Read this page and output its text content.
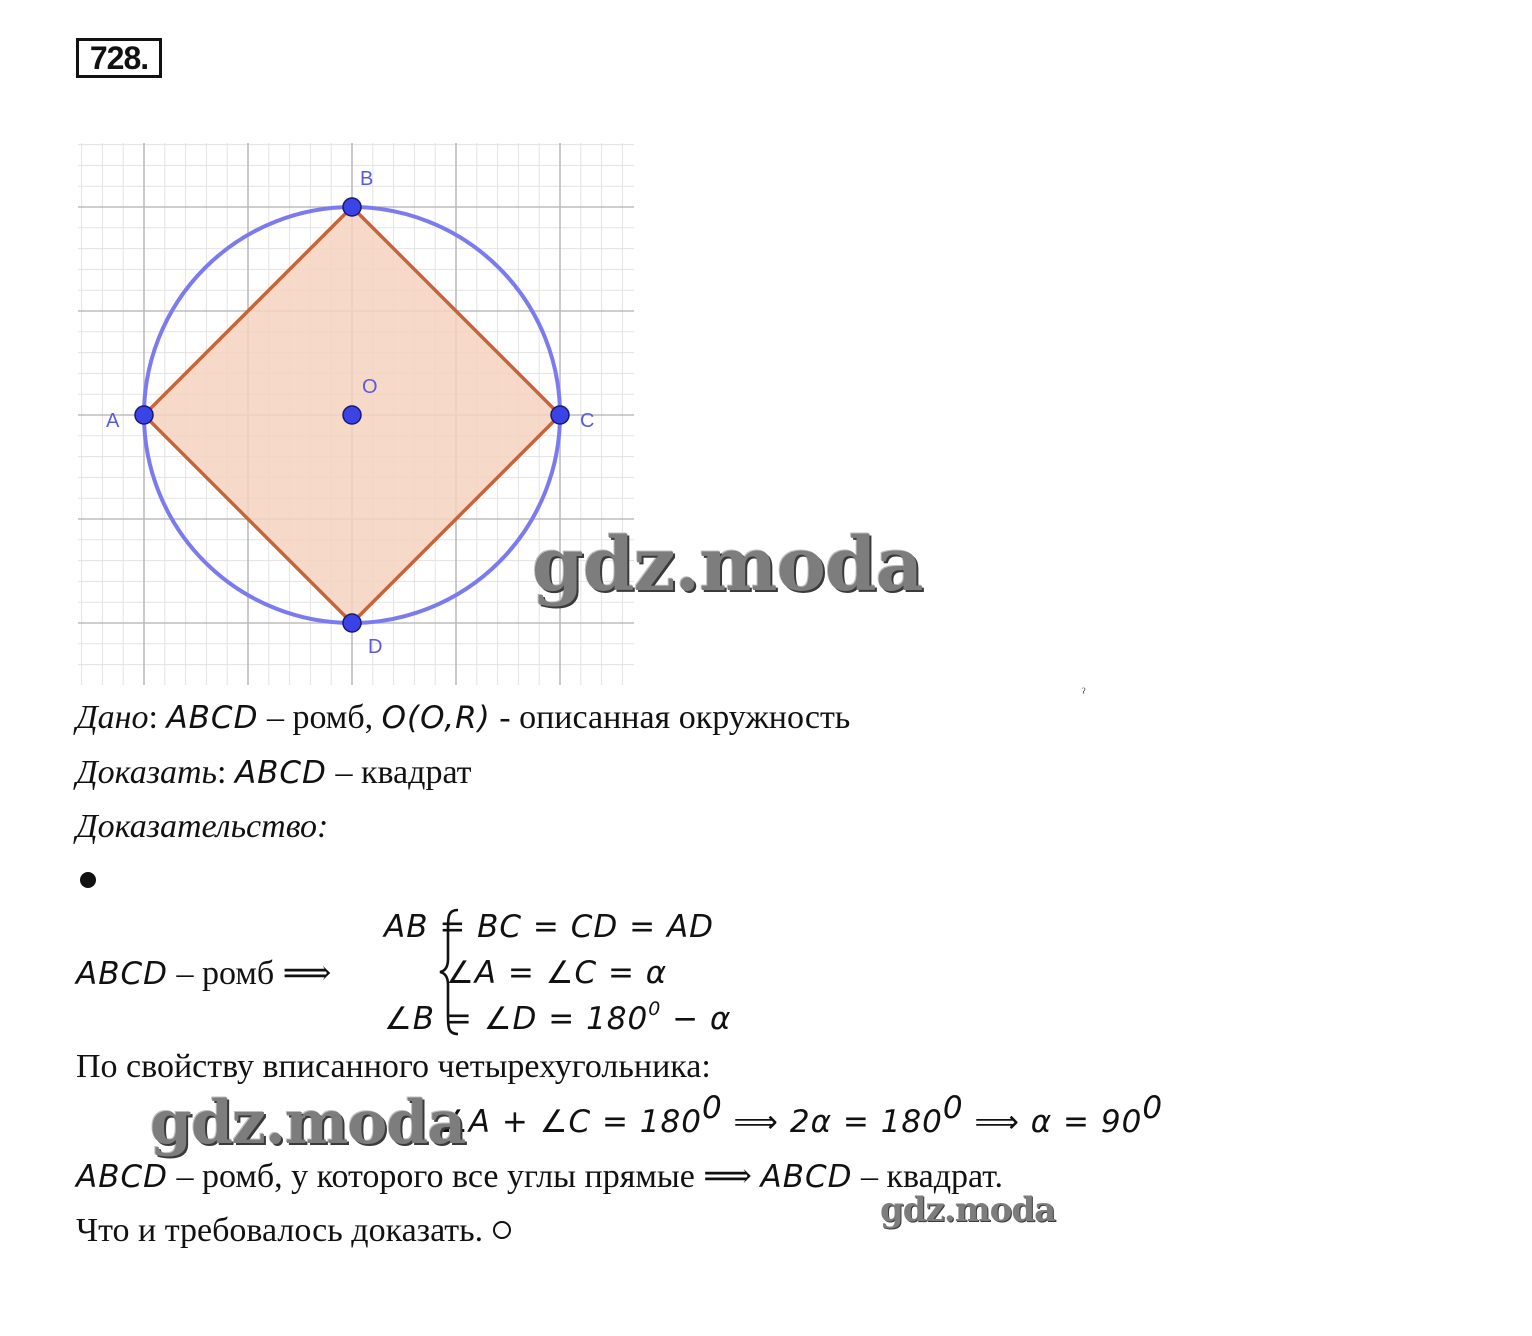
728.
B
O
A	C
D
gdz.moda
ˀ
Дано: ABCD – ромб, O(O,R) - описанная окружность
Доказать: ABCD – квадрат
Доказательство:
ABCD – ромб ⟹
AB = BC = CD = AD
∠A = ∠C = α
∠B = ∠D = $180^0 - \alpha$
По свойству вписанного четырехугольника:
∠A + ∠C = $180^0$ ⟹ $2\alpha = 180^0$ ⟹ $\alpha = 90^0$
gdz.moda
ABCD – ромб, у которого все углы прямые ⟹ ABCD – квадрат.
gdz.moda
Что и требовалось доказать.
